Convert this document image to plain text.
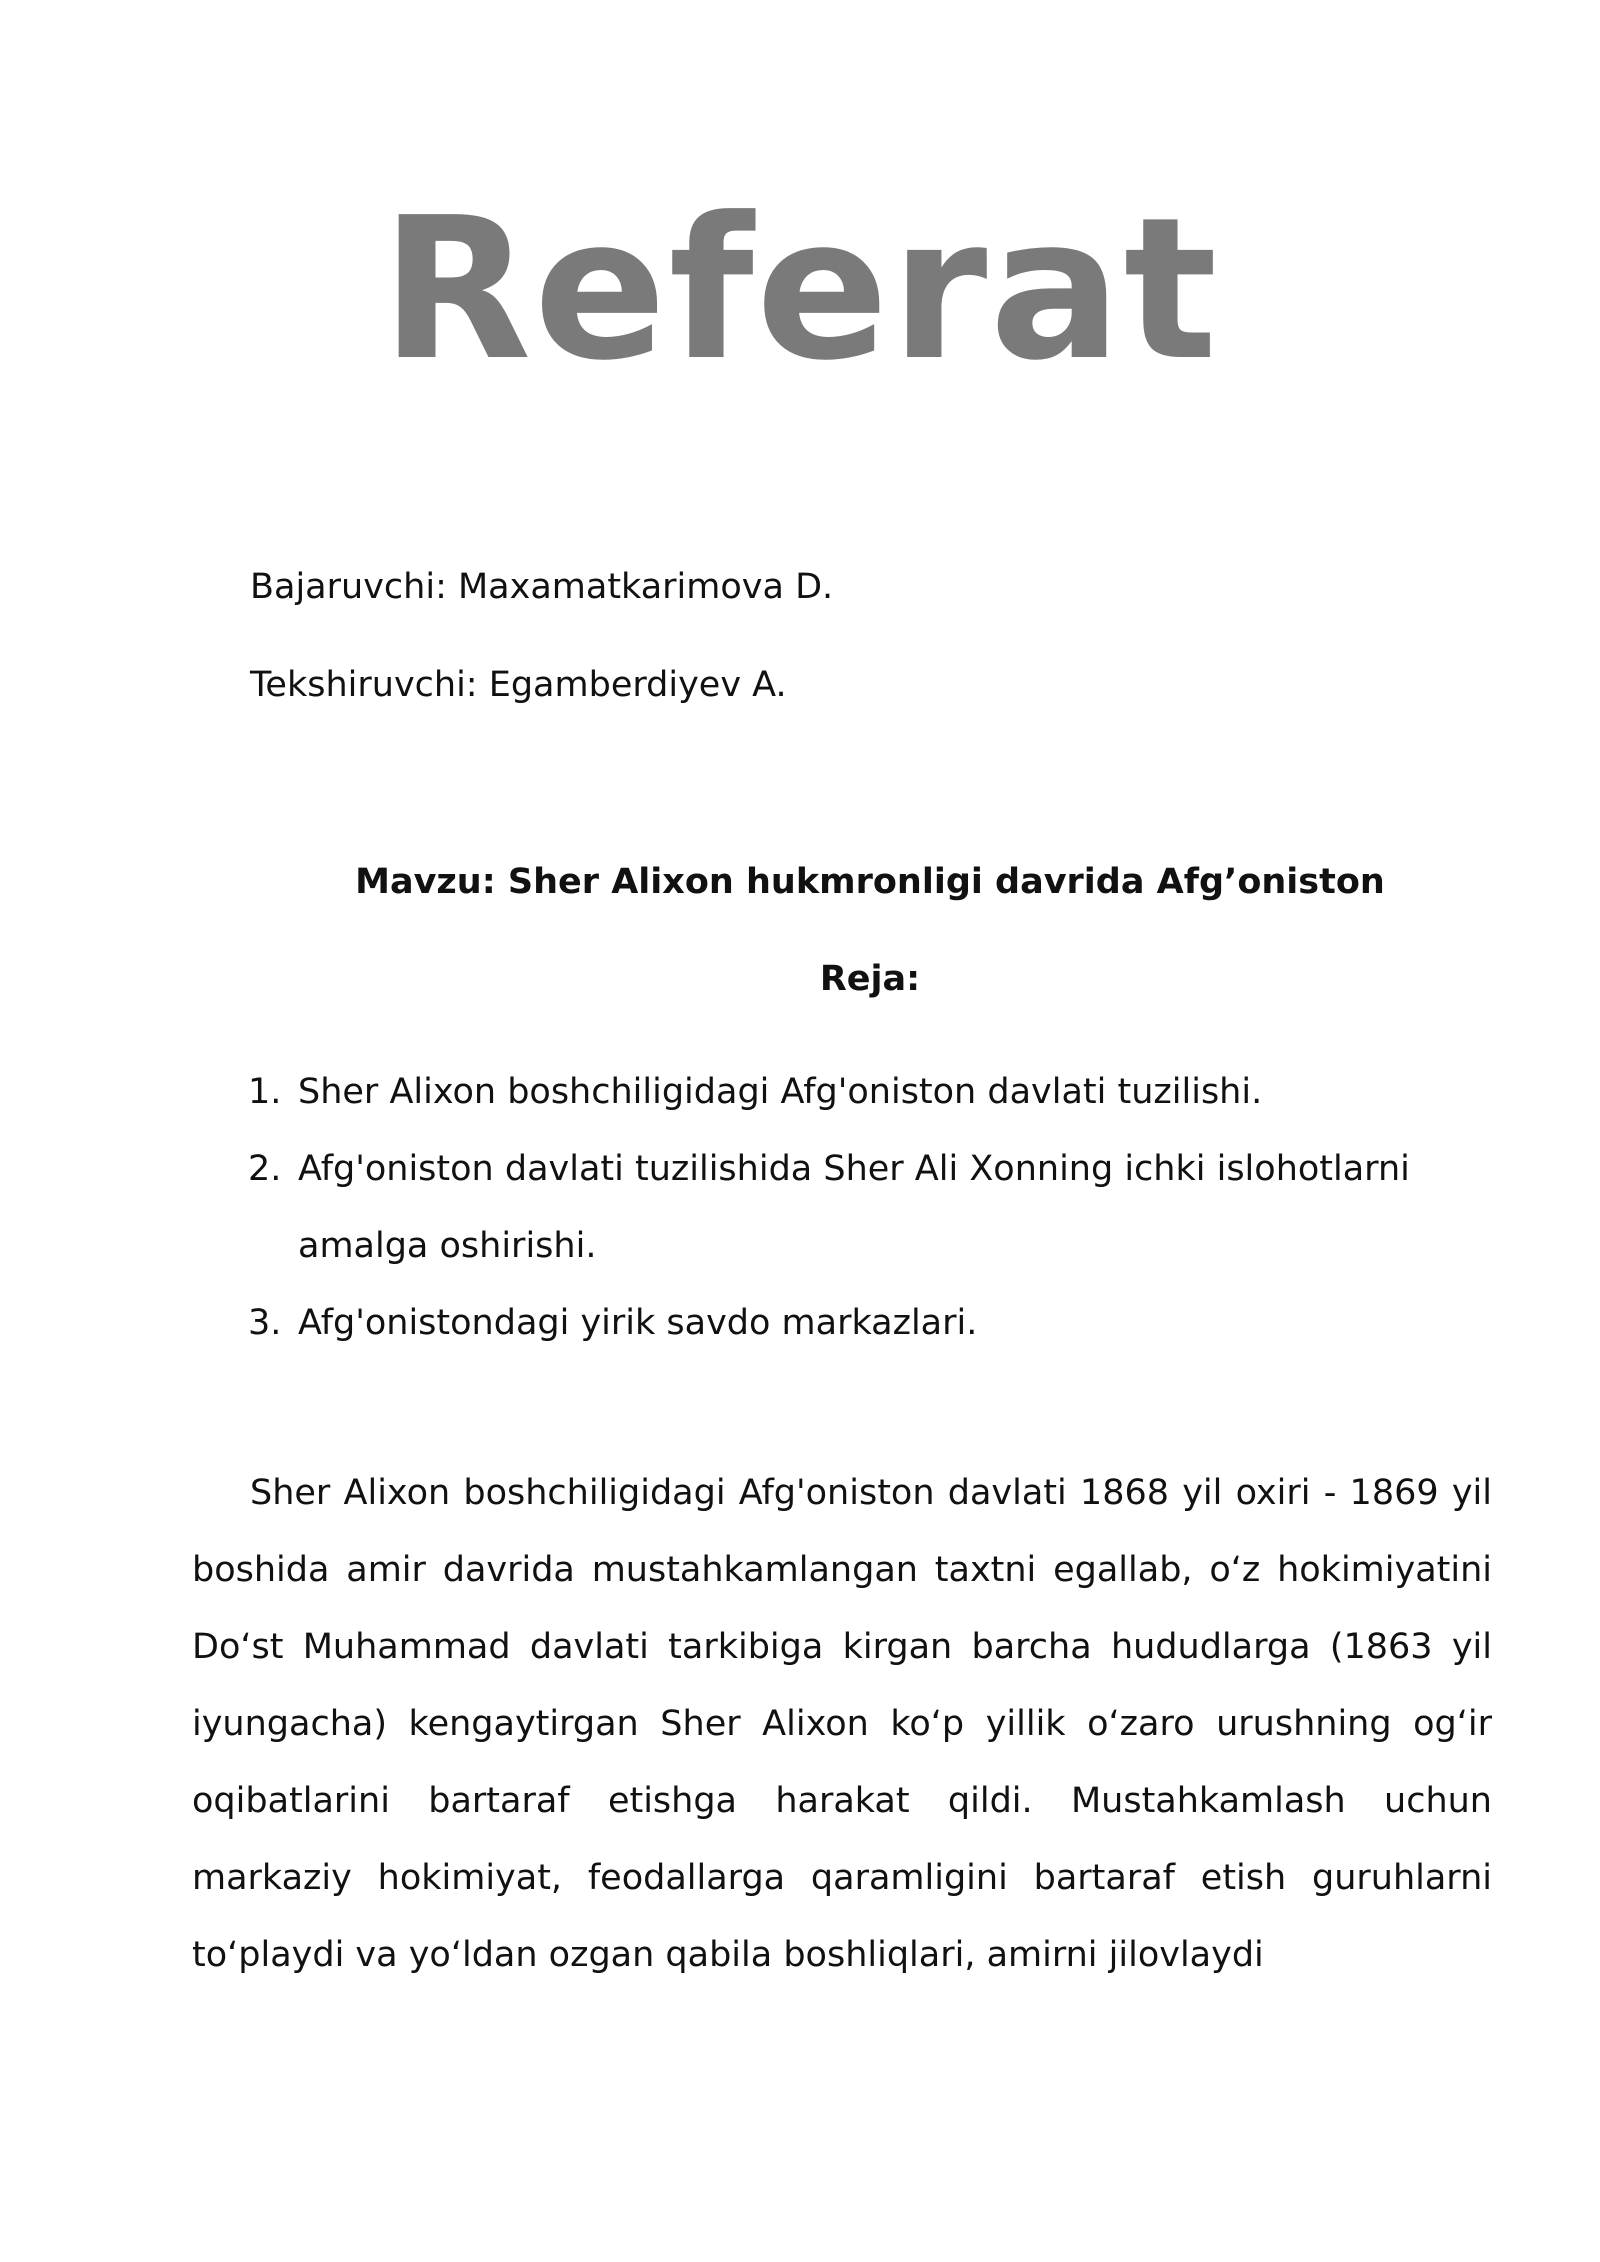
Referat
Bajaruvchi: Maxamatkarimova D.
Tekshiruvchi: Egamberdiyev A.
Mavzu: Sher Alixon hukmronligi davrida Afg’oniston
Reja:
1. Sher Alixon boshchiligidagi Afg'oniston davlati tuzilishi.
2. Afg'oniston davlati tuzilishida Sher Ali Xonning ichki islohotlarni amalga oshirishi.
3. Afg'onistondagi yirik savdo markazlari.

Sher Alixon boshchiligidagi Afg'oniston davlati 1868 yil oxiri - 1869 yil boshida amir davrida mustahkamlangan taxtni egallab, o‘z hokimiyatini Do‘st Muhammad davlati tarkibiga kirgan barcha hududlarga (1863 yil iyungacha) kengaytirgan Sher Alixon ko‘p yillik o‘zaro urushning og‘ir oqibatlarini bartaraf etishga harakat qildi. Mustahkamlash uchun markaziy hokimiyat, feodallarga qaramligini bartaraf etish guruhlarni to‘playdi va yo‘ldan ozgan qabila boshliqlari, amirni jilovlaydi
